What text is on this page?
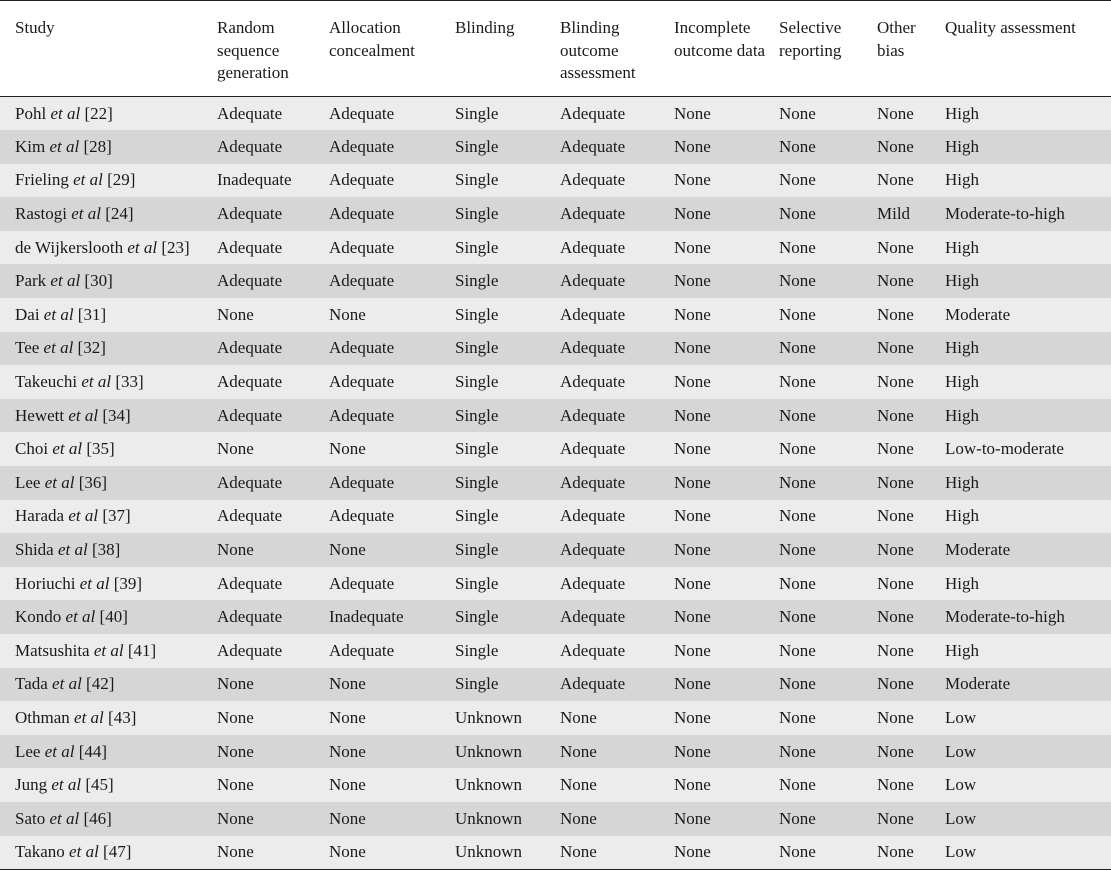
Study	Random sequence generation	Allocation concealment	Blinding	Blinding outcome assessment	Incomplete outcome data	Selective reporting	Other bias	Quality assessment
Pohl et al [22]	Adequate	Adequate	Single	Adequate	None	None	None	High
Kim et al [28]	Adequate	Adequate	Single	Adequate	None	None	None	High
Frieling et al [29]	Inadequate	Adequate	Single	Adequate	None	None	None	High
Rastogi et al [24]	Adequate	Adequate	Single	Adequate	None	None	Mild	Moderate-to-high
de Wijkerslooth et al [23]	Adequate	Adequate	Single	Adequate	None	None	None	High
Park et al [30]	Adequate	Adequate	Single	Adequate	None	None	None	High
Dai et al [31]	None	None	Single	Adequate	None	None	None	Moderate
Tee et al [32]	Adequate	Adequate	Single	Adequate	None	None	None	High
Takeuchi et al [33]	Adequate	Adequate	Single	Adequate	None	None	None	High
Hewett et al [34]	Adequate	Adequate	Single	Adequate	None	None	None	High
Choi et al [35]	None	None	Single	Adequate	None	None	None	Low-to-moderate
Lee et al [36]	Adequate	Adequate	Single	Adequate	None	None	None	High
Harada et al [37]	Adequate	Adequate	Single	Adequate	None	None	None	High
Shida et al [38]	None	None	Single	Adequate	None	None	None	Moderate
Horiuchi et al [39]	Adequate	Adequate	Single	Adequate	None	None	None	High
Kondo et al [40]	Adequate	Inadequate	Single	Adequate	None	None	None	Moderate-to-high
Matsushita et al [41]	Adequate	Adequate	Single	Adequate	None	None	None	High
Tada et al [42]	None	None	Single	Adequate	None	None	None	Moderate
Othman et al [43]	None	None	Unknown	None	None	None	None	Low
Lee et al [44]	None	None	Unknown	None	None	None	None	Low
Jung et al [45]	None	None	Unknown	None	None	None	None	Low
Sato et al [46]	None	None	Unknown	None	None	None	None	Low
Takano et al [47]	None	None	Unknown	None	None	None	None	Low
